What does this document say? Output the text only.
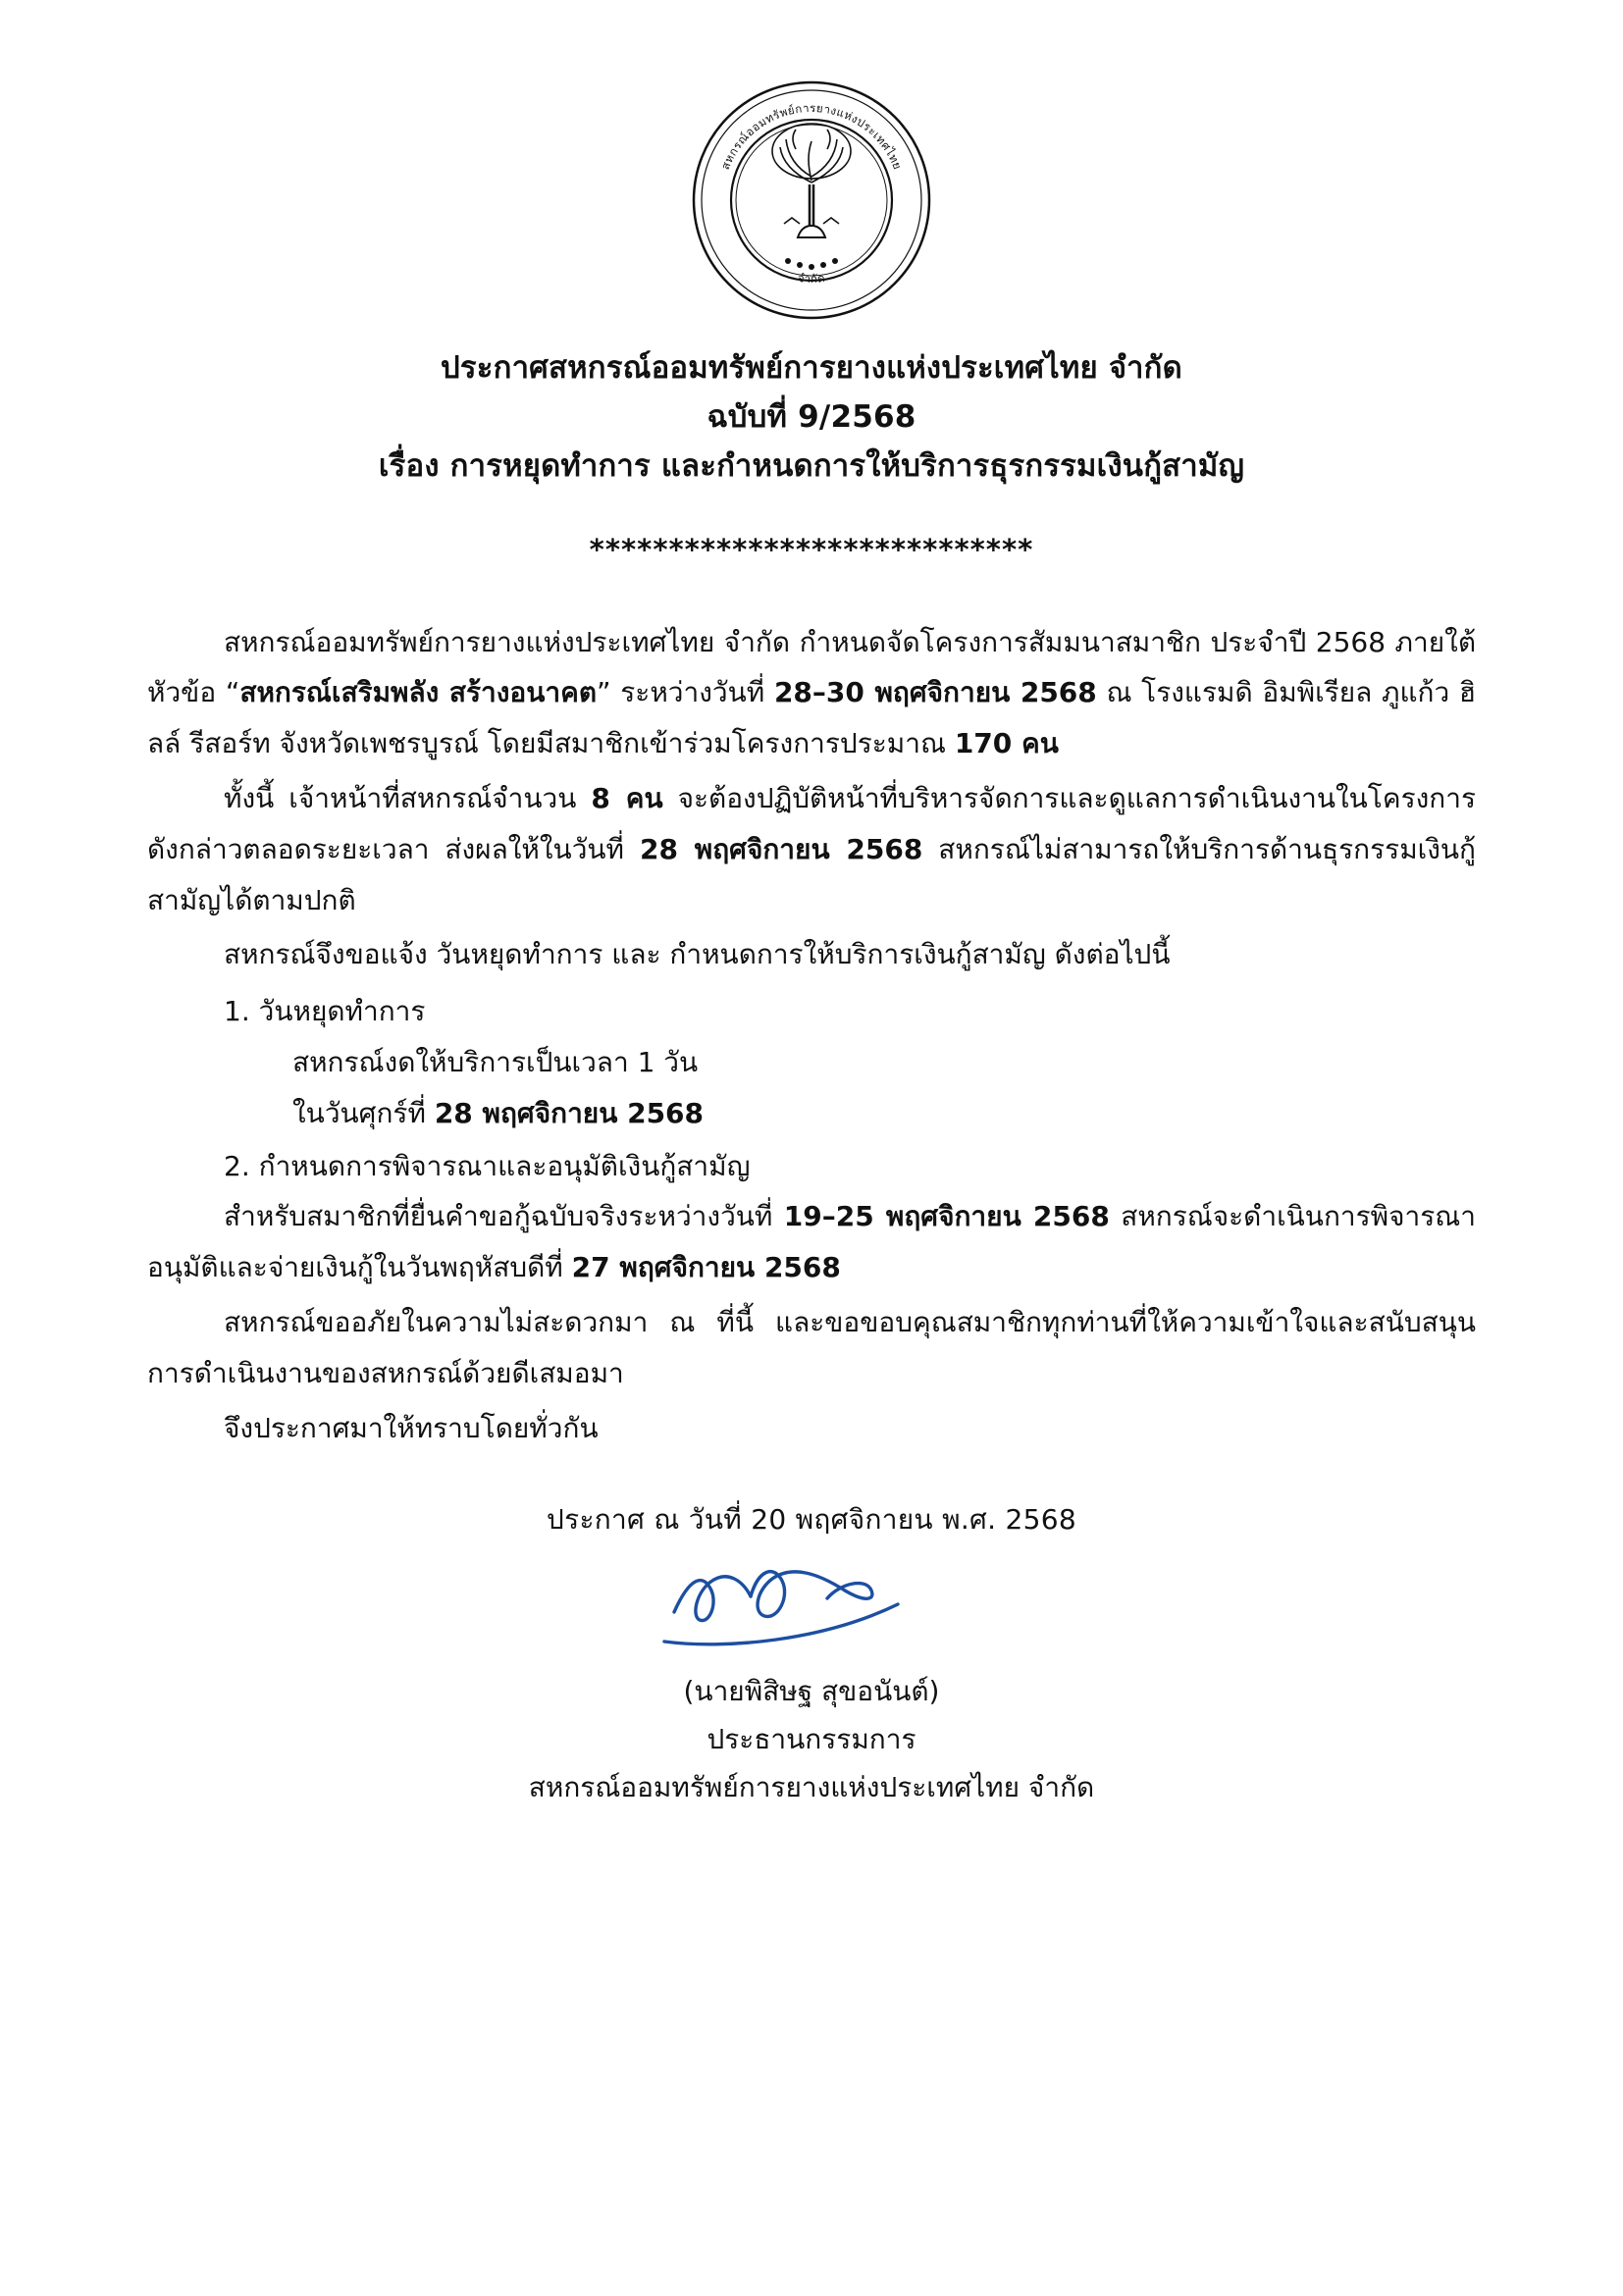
สหกรณ์ออมทรัพย์การยางแห่งประเทศไทย
จำกัด
ประกาศสหกรณ์ออมทรัพย์การยางแห่งประเทศไทย จำกัด
ฉบับที่ 9/2568
เรื่อง การหยุดทำการ และกำหนดการให้บริการธุรกรรมเงินกู้สามัญ
****************************

สหกรณ์ออมทรัพย์การยางแห่งประเทศไทย จำกัด กำหนดจัดโครงการสัมมนาสมาชิก ประจำปี 2568 ภายใต้หัวข้อ “สหกรณ์เสริมพลัง สร้างอนาคต” ระหว่างวันที่ 28–30 พฤศจิกายน 2568 ณ โรงแรมดิ อิมพิเรียล ภูแก้ว ฮิลล์ รีสอร์ท จังหวัดเพชรบูรณ์ โดยมีสมาชิกเข้าร่วมโครงการประมาณ 170 คน

ทั้งนี้ เจ้าหน้าที่สหกรณ์จำนวน 8 คน จะต้องปฏิบัติหน้าที่บริหารจัดการและดูแลการดำเนินงานในโครงการดังกล่าวตลอดระยะเวลา ส่งผลให้ในวันที่ 28 พฤศจิกายน 2568 สหกรณ์ไม่สามารถให้บริการด้านธุรกรรมเงินกู้สามัญได้ตามปกติ

สหกรณ์จึงขอแจ้ง วันหยุดทำการ และ กำหนดการให้บริการเงินกู้สามัญ ดังต่อไปนี้

1. วันหยุดทำการ
สหกรณ์งดให้บริการเป็นเวลา 1 วัน
ในวันศุกร์ที่ 28 พฤศจิกายน 2568
2. กำหนดการพิจารณาและอนุมัติเงินกู้สามัญ

สำหรับสมาชิกที่ยื่นคำขอกู้ฉบับจริงระหว่างวันที่ 19–25 พฤศจิกายน 2568 สหกรณ์จะดำเนินการพิจารณาอนุมัติและจ่ายเงินกู้ในวันพฤหัสบดีที่ 27 พฤศจิกายน 2568

สหกรณ์ขออภัยในความไม่สะดวกมา ณ ที่นี้ และขอขอบคุณสมาชิกทุกท่านที่ให้ความเข้าใจและสนับสนุนการดำเนินงานของสหกรณ์ด้วยดีเสมอมา

จึงประกาศมาให้ทราบโดยทั่วกัน

ประกาศ ณ วันที่ 20 พฤศจิกายน พ.ศ. 2568
(นายพิสิษฐ สุขอนันต์)
ประธานกรรมการ
สหกรณ์ออมทรัพย์การยางแห่งประเทศไทย จำกัด
